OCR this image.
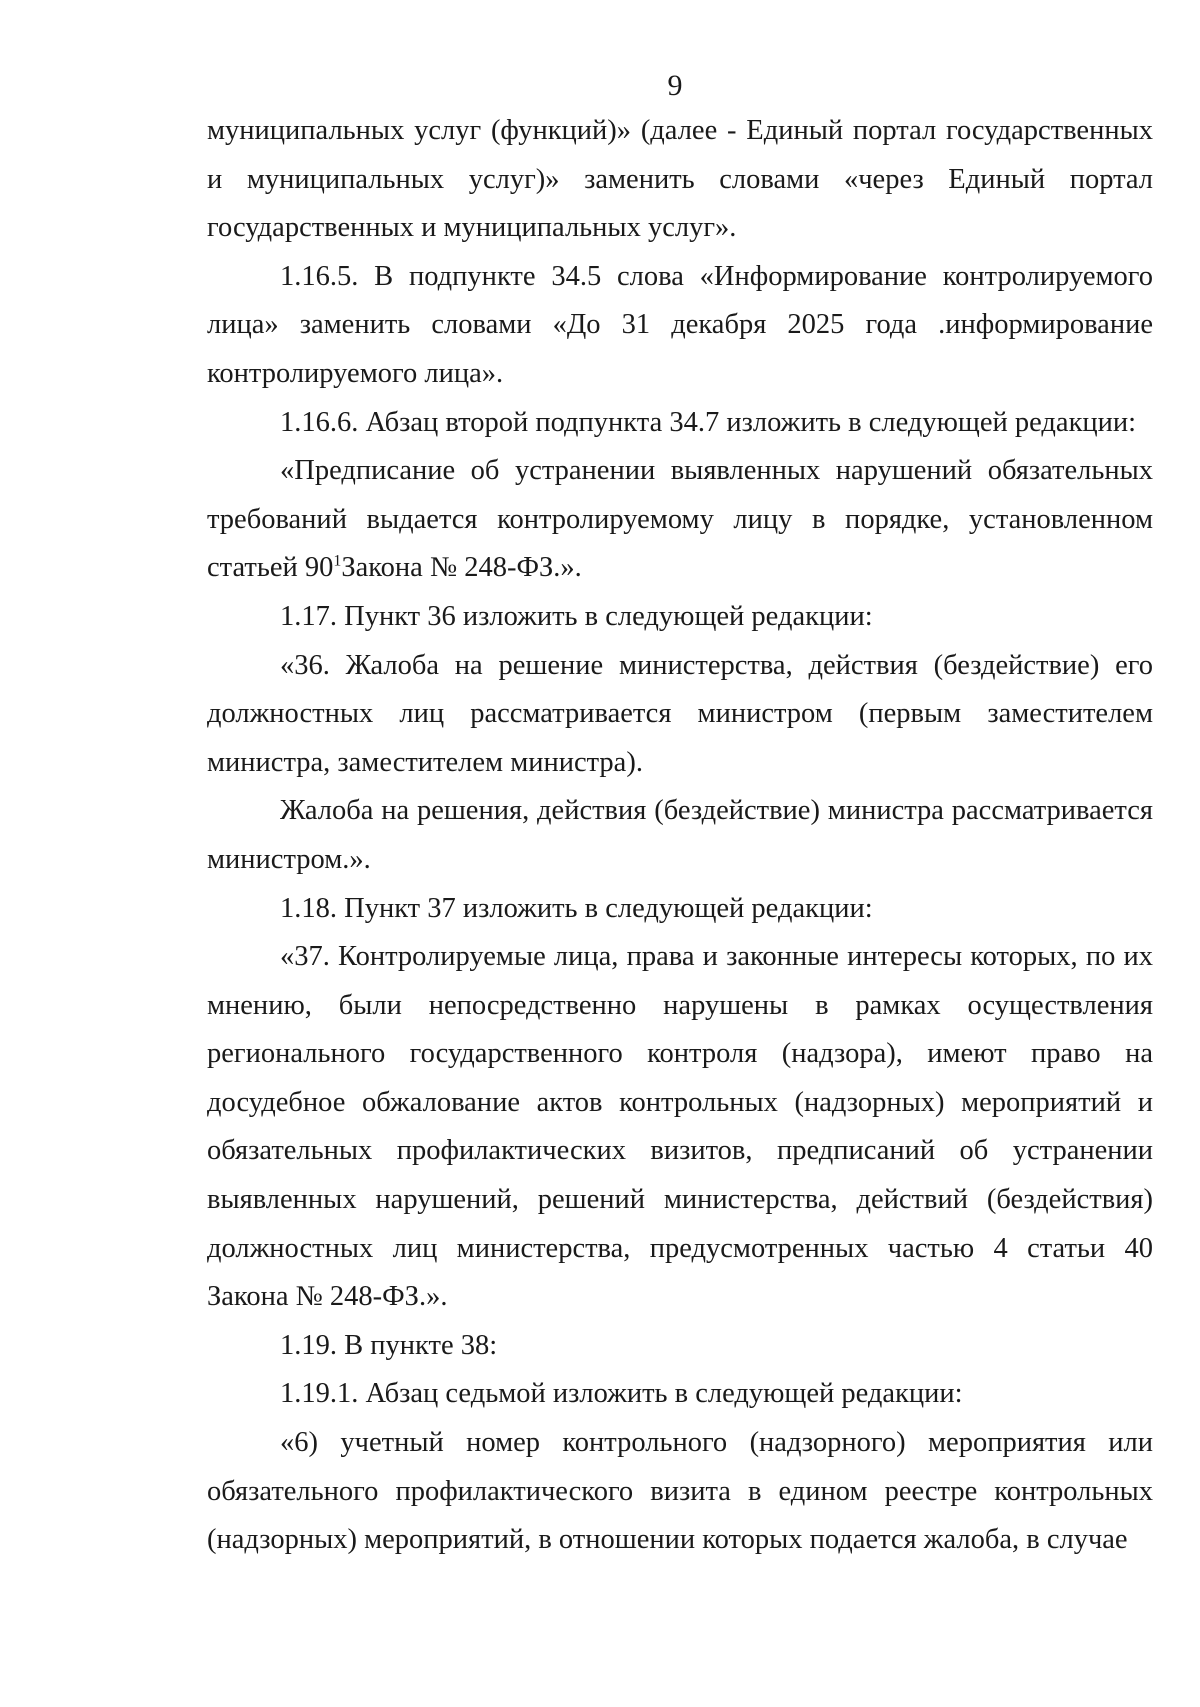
9

муниципальных услуг (функций)» (далее - Единый портал государственных и муниципальных услуг)» заменить словами «через Единый портал государственных и муниципальных услуг».

1.16.5. В подпункте 34.5 слова «Информирование контролируемого лица» заменить словами «До 31 декабря 2025 года .информирование контролируемого лица».

1.16.6. Абзац второй подпункта 34.7 изложить в следующей редакции:

«Предписание об устранении выявленных нарушений обязательных требований выдается контролируемому лицу в порядке, установленном статьей $90^1Закона$ № 248-ФЗ.».

1.17. Пункт 36 изложить в следующей редакции:

«36. Жалоба на решение министерства, действия (бездействие) его должностных лиц рассматривается министром (первым заместителем министра, заместителем министра).

Жалоба на решения, действия (бездействие) министра рассматривается министром.».

1.18. Пункт 37 изложить в следующей редакции:

«37. Контролируемые лица, права и законные интересы которых, по их мнению, были непосредственно нарушены в рамках осуществления регионального государственного контроля (надзора), имеют право на досудебное обжалование актов контрольных (надзорных) мероприятий и обязательных профилактических визитов, предписаний об устранении выявленных нарушений, решений министерства, действий (бездействия) должностных лиц министерства, предусмотренных частью 4 статьи 40 Закона № 248-ФЗ.».

1.19. В пункте 38:

1.19.1. Абзац седьмой изложить в следующей редакции:

«6) учетный номер контрольного (надзорного) мероприятия или обязательного профилактического визита в едином реестре контрольных (надзорных) мероприятий, в отношении которых подается жалоба, в случае
